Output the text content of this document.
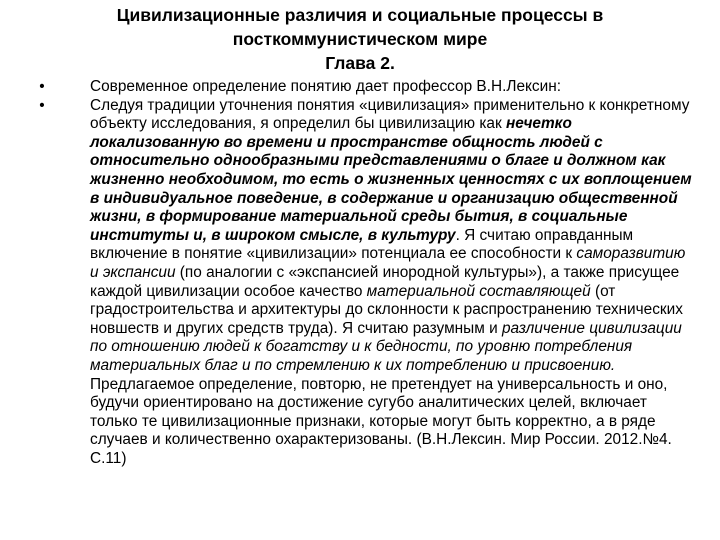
Цивилизационные различия и социальные процессы в
посткоммунистическом мире
Глава 2.
•	Современное определение понятию дает профессор В.Н.Лексин:
•	Следуя традиции уточнения понятия «цивилизация» применительно к конкретному объекту исследования, я определил бы цивилизацию как нечетко локализованную во времени и пространстве общность людей с относительно однообразными представлениями о благе и должном как жизненно необходимом, то есть о жизненных ценностях с их воплощением в индивидуальное поведение, в содержание и организацию общественной жизни, в формирование материальной среды бытия, в социальные институты и, в широком смысле, в культуру. Я считаю оправданным включение в понятие «цивилизации» потенциала ее способности к саморазвитию и экспансии (по аналогии с «экспансией инородной культуры»), а также присущее каждой цивилизации особое качество материальной составляющей (от градостроительства и архитектуры до склонности к распространению технических новшеств и других средств труда). Я считаю разумным и различение цивилизации по отношению людей к богатству и к бедности, по уровню потребления материальных благ и по стремлению к их потреблению и присвоению. Предлагаемое определение, повторю, не претендует на универсальность и оно, будучи ориентировано на достижение сугубо аналитических целей, включает только те цивилизационные признаки, которые могут быть корректно, а в ряде случаев и количественно охарактеризованы. (В.Н.Лексин. Мир России. 2012.№4. С.11)
